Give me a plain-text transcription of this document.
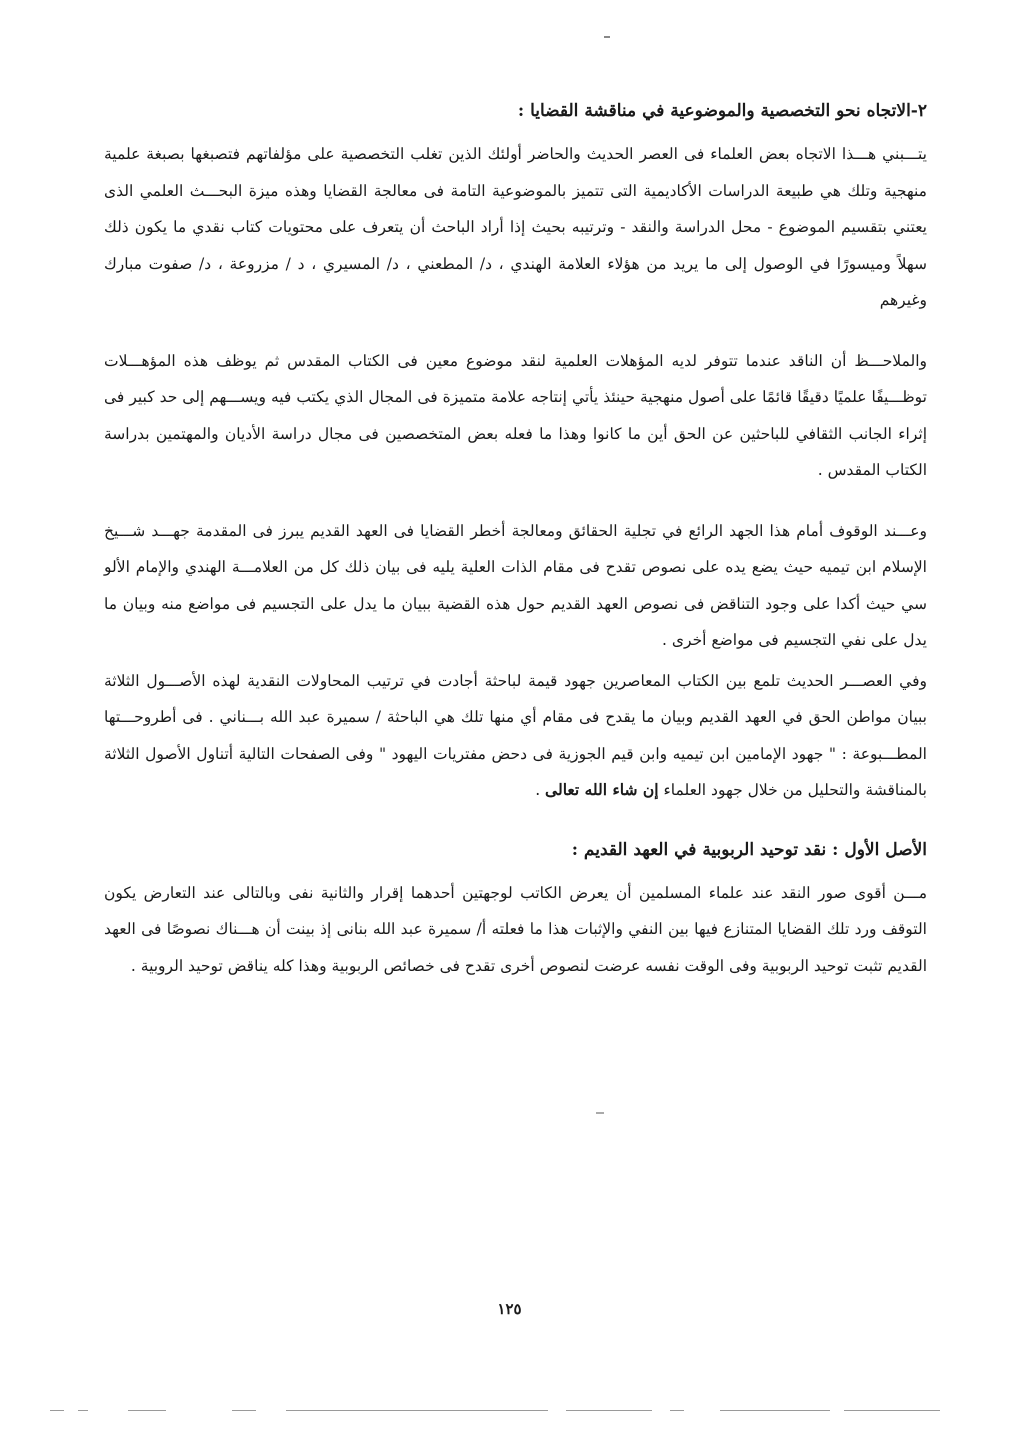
٢-الاتجاه نحو التخصصية والموضوعية في مناقشة القضايا :

يتـــبني هـــذا الاتجاه بعض العلماء فى العصر الحديث والحاضر أولئك الذين تغلب التخصصية على مؤلفاتهم فتصبغها بصبغة علمية منهجية وتلك هي طبيعة الدراسات الأكاديمية التى تتميز بالموضوعية التامة فى معالجة القضايا وهذه ميزة البحـــث العلمي الذى يعتني بتقسيم الموضوع - محل الدراسة والنقد - وترتيبه بحيث إذا أراد الباحث أن يتعرف على محتويات كتاب نقدي ما يكون ذلك سهلاً وميسورًا في الوصول إلى ما يريد من هؤلاء العلامة الهندي ، د/ المطعني ، د/ المسيري ، د / مزروعة ، د/ صفوت مبارك وغيرهم

والملاحـــظ أن الناقد عندما تتوفر لديه المؤهلات العلمية لنقد موضوع معين فى الكتاب المقدس ثم يوظف هذه المؤهـــلات توظـــيفًا علميًا دقيقًا قائمًا على أصول منهجية حينئذ يأتي إنتاجه علامة متميزة فى المجال الذي يكتب فيه ويســـهم إلى حد كبير فى إثراء الجانب الثقافي للباحثين عن الحق أين ما كانوا وهذا ما فعله بعض المتخصصين فى مجال دراسة الأديان والمهتمين بدراسة الكتاب المقدس .

وعـــند الوقوف أمام هذا الجهد الرائع في تجلية الحقائق ومعالجة أخطر القضايا فى العهد القديم يبرز فى المقدمة جهـــد شـــيخ الإسلام ابن تيميه حيث يضع يده على نصوص تقدح فى مقام الذات العلية يليه فى بيان ذلك كل من العلامـــة الهندي والإمام الألو سي حيث أكدا على وجود التناقض فى نصوص العهد القديم حول هذه القضية ببيان ما يدل على التجسيم فى مواضع منه وبيان ما يدل على نفي التجسيم فى مواضع أخرى .

وفي العصـــر الحديث تلمع بين الكتاب المعاصرين جهود قيمة لباحثة أجادت في ترتيب المحاولات النقدية لهذه الأصـــول الثلاثة ببيان مواطن الحق في العهد القديم وبيان ما يقدح فى مقام أي منها تلك هي الباحثة / سميرة عبد الله بـــناني . فى أطروحـــتها المطـــبوعة : " جهود الإمامين ابن تيميه وابن قيم الجوزية فى دحض مفتريات اليهود " وفى الصفحات التالية أتناول الأصول الثلاثة بالمناقشة والتحليل من خلال جهود العلماء إن شاء الله تعالى .

الأصل الأول : نقد توحيد الربوبية في العهد القديم :

مـــن أقوى صور النقد عند علماء المسلمين أن يعرض الكاتب لوجهتين أحدهما إقرار والثانية نفى وبالتالى عند التعارض يكون التوقف ورد تلك القضايا المتنازع فيها بين النفي والإثبات هذا ما فعلته أ/ سميرة عبد الله بنانى إذ بينت أن هـــناك نصوصًا فى العهد القديم تثبت توحيد الربوبية وفى الوقت نفسه عرضت لنصوص أخرى تقدح فى خصائص الربوبية وهذا كله يناقض توحيد الروبية .

١٢٥
